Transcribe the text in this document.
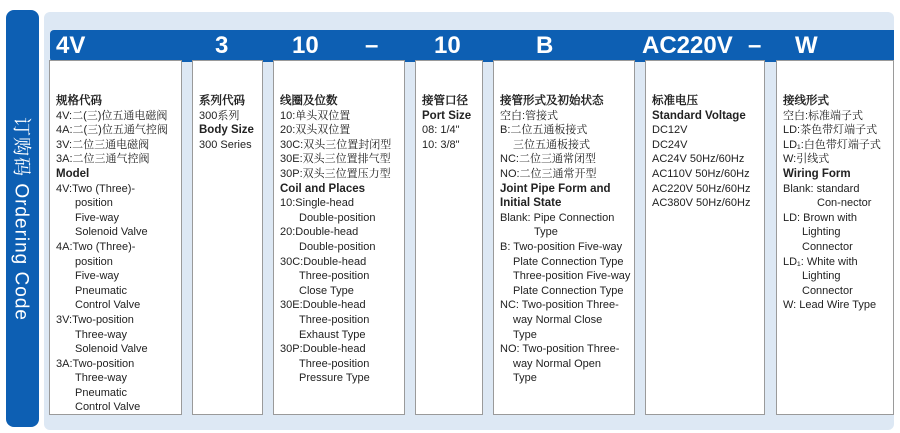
订购码 Ordering Code
4V	3	10 – 10	B	AC220V – W
规格代码
4V:二(三)位五通电磁阀
4A:二(三)位五通气控阀
3V:二位三通电磁阀
3A:二位三通气控阀
Model
4V:Two (Three)-
position
Five-way
Solenoid Valve
4A:Two (Three)-
position
Five-way
Pneumatic
Control Valve
3V:Two-position
Three-way
Solenoid Valve
3A:Two-position
Three-way
Pneumatic
Control Valve
系列代码
300系列
Body Size
300 Series
线圈及位数
10:单头双位置
20:双头双位置
30C:双头三位置封闭型
30E:双头三位置排气型
30P:双头三位置压力型
Coil and Places
10:Single-head
Double-position
20:Double-head
Double-position
30C:Double-head
Three-position
Close Type
30E:Double-head
Three-position
Exhaust Type
30P:Double-head
Three-position
Pressure Type
接管口径
Port Size
08: 1/4"
10: 3/8"
接管形式及初始状态
空白:管接式
B:二位五通板接式
三位五通板接式
NC:二位三通常闭型
NO:二位三通常开型
Joint Pipe Form and
Initial State
Blank: Pipe Connection
Type
B: Two-position Five-way
Plate Connection Type
Three-position Five-way
Plate Connection Type
NC: Two-position Three-
way Normal Close
Type
NO: Two-position Three-
way Normal Open
Type
标准电压
Standard Voltage
DC12V
DC24V
AC24V 50Hz/60Hz
AC110V 50Hz/60Hz
AC220V 50Hz/60Hz
AC380V 50Hz/60Hz
接线形式
空白:标准端子式
LD:茶色带灯端子式
LD₁:白色带灯端子式
W:引线式
Wiring Form
Blank: standard
Con-nector
LD: Brown with
Lighting
Connector
LD₁: White with
Lighting
Connector
W: Lead Wire Type
